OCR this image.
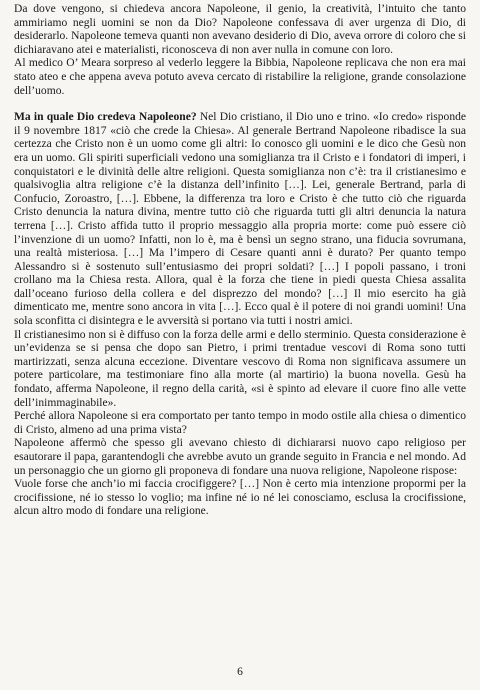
Da dove vengono, si chiedeva ancora Napoleone, il genio, la creatività, l’intuito che tanto ammiriamo negli uomini se non da Dio? Napoleone confessava di aver urgenza di Dio, di desiderarlo. Napoleone temeva quanti non avevano desiderio di Dio, aveva orrore di coloro che si dichiaravano atei e materialisti, riconosceva di non aver nulla in comune con loro.

Al medico O’ Meara sorpreso al vederlo leggere la Bibbia, Napoleone replicava che non era mai stato ateo e che appena aveva potuto aveva cercato di ristabilire la religione, grande consolazione dell’uomo.

Ma in quale Dio credeva Napoleone? Nel Dio cristiano, il Dio uno e trino. «Io credo» risponde il 9 novembre 1817 «ciò che crede la Chiesa». Al generale Bertrand Napoleone ribadisce la sua certezza che Cristo non è un uomo come gli altri: Io conosco gli uomini e le dico che Gesù non era un uomo. Gli spiriti superficiali vedono una somiglianza tra il Cristo e i fondatori di imperi, i conquistatori e le divinità delle altre religioni. Questa somiglianza non c’è: tra il cristianesimo e qualsivoglia altra religione c’è la distanza dell’infinito […]. Lei, generale Bertrand, parla di Confucio, Zoroastro, […]. Ebbene, la differenza tra loro e Cristo è che tutto ciò che riguarda Cristo denuncia la natura divina, mentre tutto ciò che riguarda tutti gli altri denuncia la natura terrena […]. Cristo affida tutto il proprio messaggio alla propria morte: come può essere ciò l’invenzione di un uomo? Infatti, non lo è, ma è bensì un segno strano, una fiducia sovrumana, una realtà misteriosa. […] Ma l’impero di Cesare quanti anni è durato? Per quanto tempo Alessandro si è sostenuto sull’entusiasmo dei propri soldati? […] I popoli passano, i troni crollano ma la Chiesa resta. Allora, qual è la forza che tiene in piedi questa Chiesa assalita dall’oceano furioso della collera e del disprezzo del mondo? […] Il mio esercito ha già dimenticato me, mentre sono ancora in vita […]. Ecco qual è il potere di noi grandi uomini! Una sola sconfitta ci disintegra e le avversità si portano via tutti i nostri amici.

Il cristianesimo non si è diffuso con la forza delle armi e dello sterminio. Questa considerazione è un’evidenza se si pensa che dopo san Pietro, i primi trentadue vescovi di Roma sono tutti martirizzati, senza alcuna eccezione. Diventare vescovo di Roma non significava assumere un potere particolare, ma testimoniare fino alla morte (al martirio) la buona novella. Gesù ha fondato, afferma Napoleone, il regno della carità, «si è spinto ad elevare il cuore fino alle vette dell’inimmaginabile».

Perché allora Napoleone si era comportato per tanto tempo in modo ostile alla chiesa o dimentico di Cristo, almeno ad una prima vista?

Napoleone affermò che spesso gli avevano chiesto di dichiararsi nuovo capo religioso per esautorare il papa, garantendogli che avrebbe avuto un grande seguito in Francia e nel mondo. Ad un personaggio che un giorno gli proponeva di fondare una nuova religione, Napoleone rispose:

Vuole forse che anch’io mi faccia crocifiggere? […] Non è certo mia intenzione propormi per la crocifissione, né io stesso lo voglio; ma infine né io né lei conosciamo, esclusa la crocifissione, alcun altro modo di fondare una religione.

6
